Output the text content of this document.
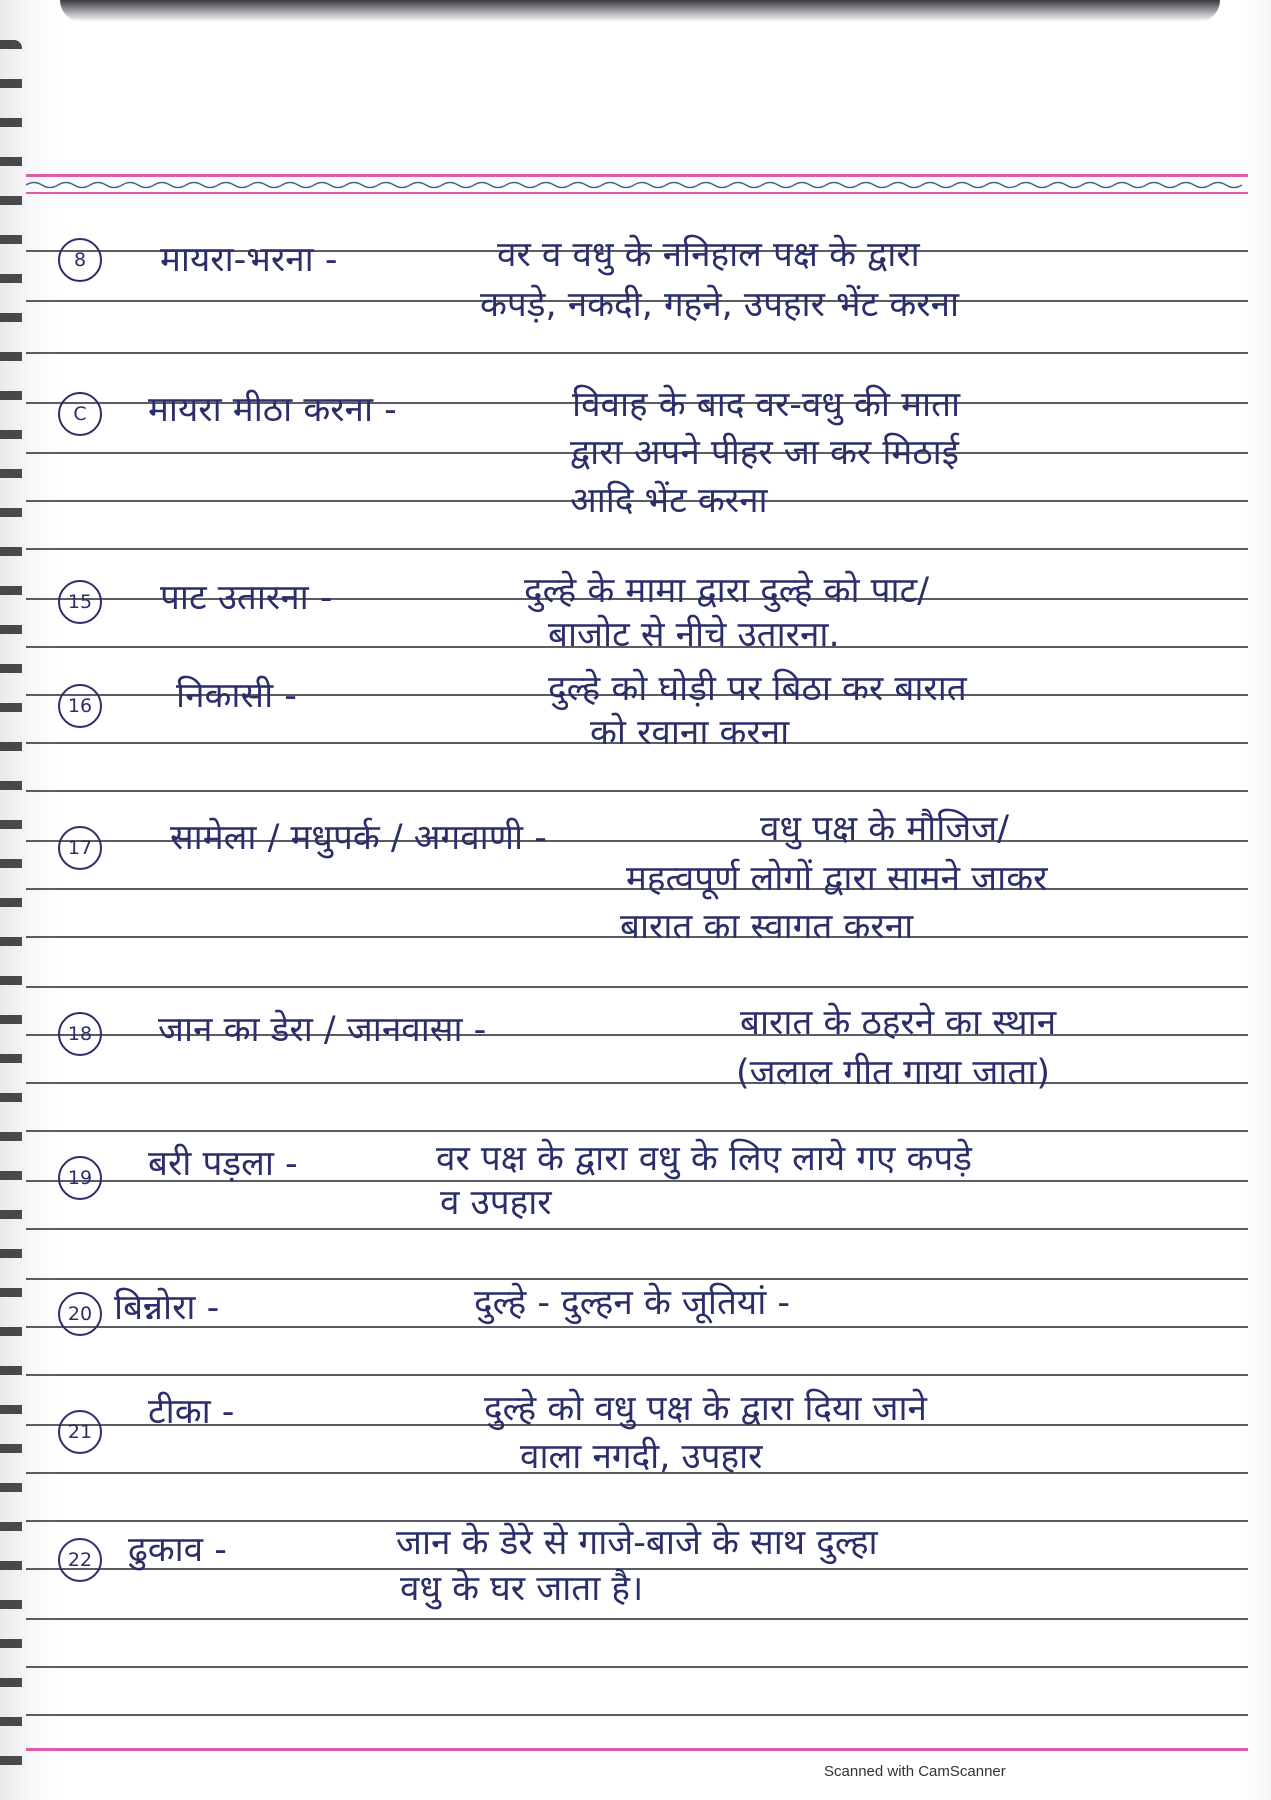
8	मायरा-भरना -	वर व वधु के ननिहाल पक्ष के द्वारा
कपड़े, नकदी, गहने, उपहार भेंट करना
C	मायरा मीठा करना -	विवाह के बाद वर-वधु की माता
द्वारा अपने पीहर जा कर मिठाई
आदि भेंट करना
15 पाट उतारना -	दुल्हे के मामा द्वारा दुल्हे को पाट/
बाजोट से नीचे उतारना.
16 निकासी -	दुल्हे को घोड़ी पर बिठा कर बारात
को रवाना करना
17 सामेला / मधुपर्क / अगवाणी -	वधु पक्ष के मौजिज/
महत्वपूर्ण लोगों द्वारा सामने जाकर
बारात का स्वागत करना
18 जान का डेरा / जानवासा -	बारात के ठहरने का स्थान
(जलाल गीत गाया जाता)
19 बरी पड़ला -	वर पक्ष के द्वारा वधु के लिए लाये गए कपड़े
व उपहार
20 बिन्नोरा -	दुल्हे - दुल्हन के जूतियां -
21 टीका -	दुल्हे को वधु पक्ष के द्वारा दिया जाने
वाला नगदी, उपहार
22 ढुकाव -	जान के डेरे से गाजे-बाजे के साथ दुल्हा
वधु के घर जाता है।
Scanned with CamScanner
